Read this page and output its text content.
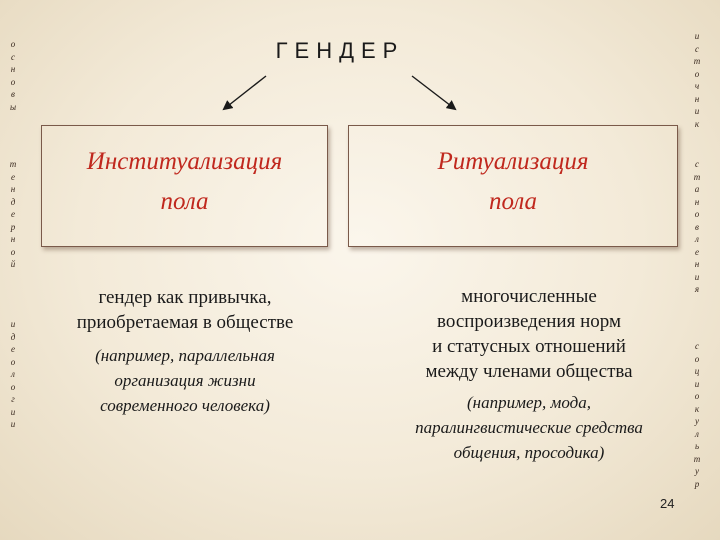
о
с
н
о
в
ы
т
е
н
д
е
р
н
о
й
и
д
е
о
л
о
г
и
и
и
с
т
о
ч
н
и
к
с
т
а
н
о
в
л
е
н
и
я
с
о
ц
и
о
к
у
л
ь
т
у
р
ГЕНДЕР
Институализация
пола
Ритуализация
пола
гендер как привычка,
приобретаемая в обществе
(например, параллельная
организация жизни
современного человека)
многочисленные
воспроизведения норм
и статусных отношений
между членами общества
(например, мода,
паралингвистические средства
общения, просодика)
24
